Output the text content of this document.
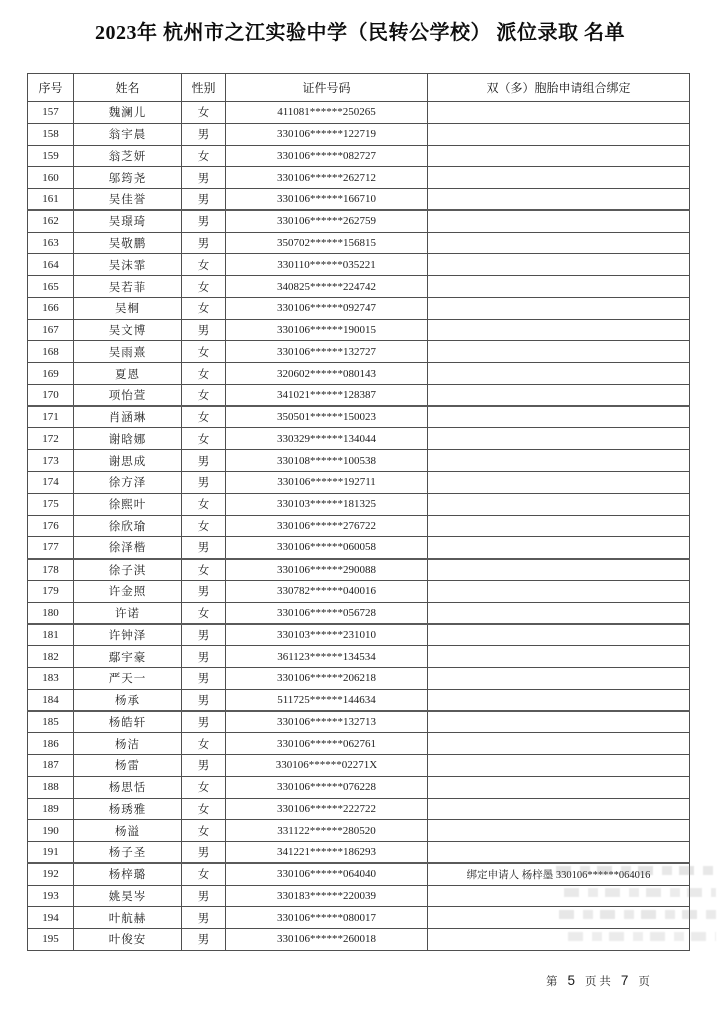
2023年 杭州市之江实验中学（民转公学校） 派位录取 名单
序号	姓名	性别	证件号码	双（多）胞胎申请组合绑定
157	魏澜儿	女	411081******250265	
158	翁宇晨	男	330106******122719	
159	翁芝妍	女	330106******082727	
160	邬筠尧	男	330106******262712	
161	吴佳誉	男	330106******166710	
162	吴璟琦	男	330106******262759	
163	吴敬鹏	男	350702******156815	
164	吴沫霏	女	330110******035221	
165	吴若菲	女	340825******224742	
166	吴桐	女	330106******092747	
167	吴文博	男	330106******190015	
168	吴雨熹	女	330106******132727	
169	夏恩	女	320602******080143	
170	项怡萱	女	341021******128387	
171	肖涵琳	女	350501******150023	
172	谢晗娜	女	330329******134044	
173	谢思成	男	330108******100538	
174	徐方泽	男	330106******192711	
175	徐熙叶	女	330103******181325	
176	徐欣瑜	女	330106******276722	
177	徐泽楷	男	330106******060058	
178	徐子淇	女	330106******290088	
179	许金照	男	330782******040016	
180	许诺	女	330106******056728	
181	许钟泽	男	330103******231010	
182	鄢宇豪	男	361123******134534	
183	严天一	男	330106******206218	
184	杨承	男	511725******144634	
185	杨皓轩	男	330106******132713	
186	杨洁	女	330106******062761	
187	杨雷	男	330106******02271X	
188	杨思恬	女	330106******076228	
189	杨琇雅	女	330106******222722	
190	杨溢	女	331122******280520	
191	杨子圣	男	341221******186293	
192	杨梓璐	女	330106******064040	绑定申请人 杨梓墨 330106******064016
193	姚昊岑	男	330183******220039	
194	叶航赫	男	330106******080017	
195	叶俊安	男	330106******260018	
第 5 页 共 7 页
